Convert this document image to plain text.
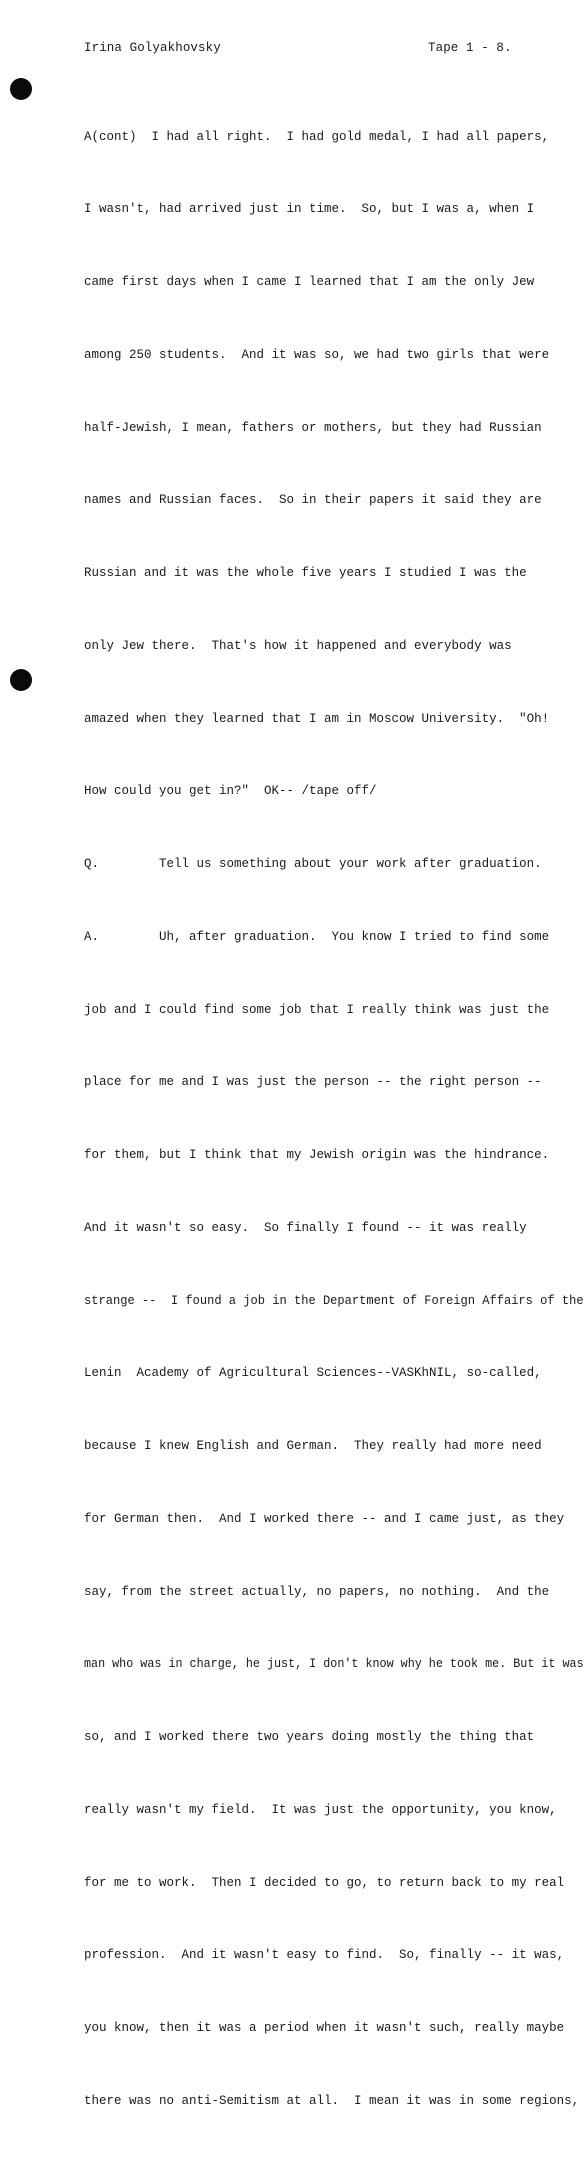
Irina Golyakhovsky	Tape 1 - 8.

A(cont)  I had all right.  I had gold medal, I had all papers,

I wasn't, had arrived just in time.  So, but I was a, when I

came first days when I came I learned that I am the only Jew

among 250 students.  And it was so, we had two girls that were

half-Jewish, I mean, fathers or mothers, but they had Russian

names and Russian faces.  So in their papers it said they are

Russian and it was the whole five years I studied I was the

only Jew there.  That's how it happened and everybody was

amazed when they learned that I am in Moscow University.  "Oh!

How could you get in?"  OK-- /tape off/

Q.        Tell us something about your work after graduation.

A.        Uh, after graduation.  You know I tried to find some

job and I could find some job that I really think was just the

place for me and I was just the person -- the right person --

for them, but I think that my Jewish origin was the hindrance.

And it wasn't so easy.  So finally I found -- it was really

strange --  I found a job in the Department of Foreign Affairs of the

Lenin  Academy of Agricultural Sciences--VASKhNIL, so-called,

because I knew English and German.  They really had more need

for German then.  And I worked there -- and I came just, as they

say, from the street actually, no papers, no nothing.  And the

man who was in charge, he just, I don't know why he took me. But it was

so, and I worked there two years doing mostly the thing that

really wasn't my field.  It was just the opportunity, you know,

for me to work.  Then I decided to go, to return back to my real

profession.  And it wasn't easy to find.  So, finally -- it was,

you know, then it was a period when it wasn't such, really maybe

there was no anti-Semitism at all.  I mean it was in some regions,
